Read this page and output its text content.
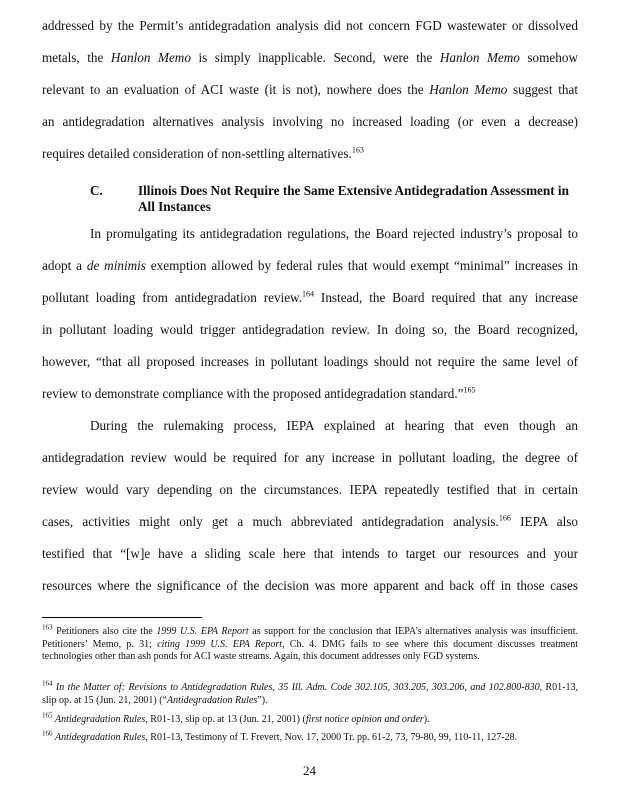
addressed by the Permit’s antidegradation analysis did not concern FGD wastewater or dissolved
metals, the Hanlon Memo is simply inapplicable. Second, were the Hanlon Memo somehow
relevant to an evaluation of ACI waste (it is not), nowhere does the Hanlon Memo suggest that
an antidegradation alternatives analysis involving no increased loading (or even a decrease)
requires detailed consideration of non-settling alternatives.$^{163}$
C.	Illinois Does Not Require the Same Extensive Antidegradation Assessment in
All Instances
In promulgating its antidegradation regulations, the Board rejected industry’s proposal to
adopt a de minimis exemption allowed by federal rules that would exempt “minimal” increases in
pollutant loading from antidegradation review.$^{164}$ Instead, the Board required that any increase
in pollutant loading would trigger antidegradation review. In doing so, the Board recognized,
however, “that all proposed increases in pollutant loadings should not require the same level of
review to demonstrate compliance with the proposed antidegradation standard.”$^{165}$
During the rulemaking process, IEPA explained at hearing that even though an
antidegradation review would be required for any increase in pollutant loading, the degree of
review would vary depending on the circumstances. IEPA repeatedly testified that in certain
cases, activities might only get a much abbreviated antidegradation analysis.$^{166}$ IEPA also
testified that “[w]e have a sliding scale here that intends to target our resources and your
resources where the significance of the decision was more apparent and back off in those cases
$^{163}$ Petitioners also cite the 1999 U.S. EPA Report as support for the conclusion that IEPA’s alternatives analysis was insufficient. Petitioners’ Memo, p. 31; citing 1999 U.S. EPA Report, Ch. 4. DMG fails to see where this document discusses treatment technologies other than ash ponds for ACI waste streams. Again, this document addresses only FGD systems.
$^{164}$ In the Matter of: Revisions to Antidegradation Rules, 35 Ill. Adm. Code 302.105, 303.205, 303.206, and 102.800-830, R01-13, slip op. at 15 (Jun. 21, 2001) (“Antidegradation Rules”).
$^{165}$ Antidegradation Rules, R01-13, slip op. at 13 (Jun. 21, 2001) (first notice opinion and order).
$^{166}$ Antidegradation Rules, R01-13, Testimony of T. Frevert, Nov. 17, 2000 Tr. pp. 61-2, 73, 79-80, 99, 110-11, 127-28.
24
